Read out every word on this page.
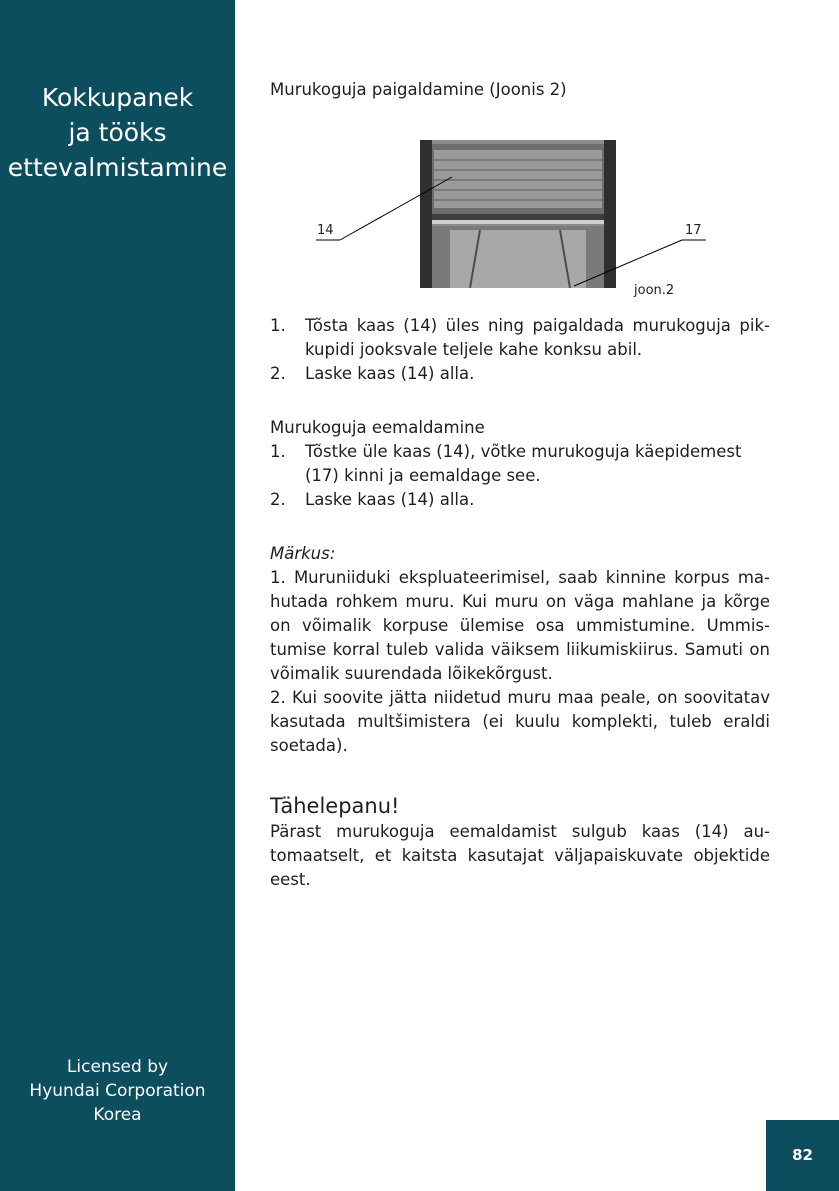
Kokkupanek
ja tööks
ettevalmistamine
Licensed by
Hyundai Corporation
Korea
82

Murukoguja paigaldamine (Joonis 2)

14	17
joon.2
1. Tõsta kaas (14) üles ning paigaldada murukoguja pikkupidi jooksvale teljele kahe konksu abil.
2. Laske kaas (14) alla.

Murukoguja eemaldamine

1. Tõstke üle kaas (14), võtke murukoguja käepidemest (17) kinni ja eemaldage see.
2. Laske kaas (14) alla.

Märkus:

1. Muruniiduki ekspluateerimisel, saab kinnine korpus mahutada rohkem muru. Kui muru on väga mahlane ja kõrge on võimalik korpuse ülemise osa ummistumine. Ummistumise korral tuleb valida väiksem liikumiskiirus. Samuti on võimalik suurendada lõikekõrgust.

2. Kui soovite jätta niidetud muru maa peale, on soovitatav kasutada multšimistera (ei kuulu komplekti, tuleb eraldi soetada).

Tähelepanu!

Pärast murukoguja eemaldamist sulgub kaas (14) automaatselt, et kaitsta kasutajat väljapaiskuvate objektide eest.
